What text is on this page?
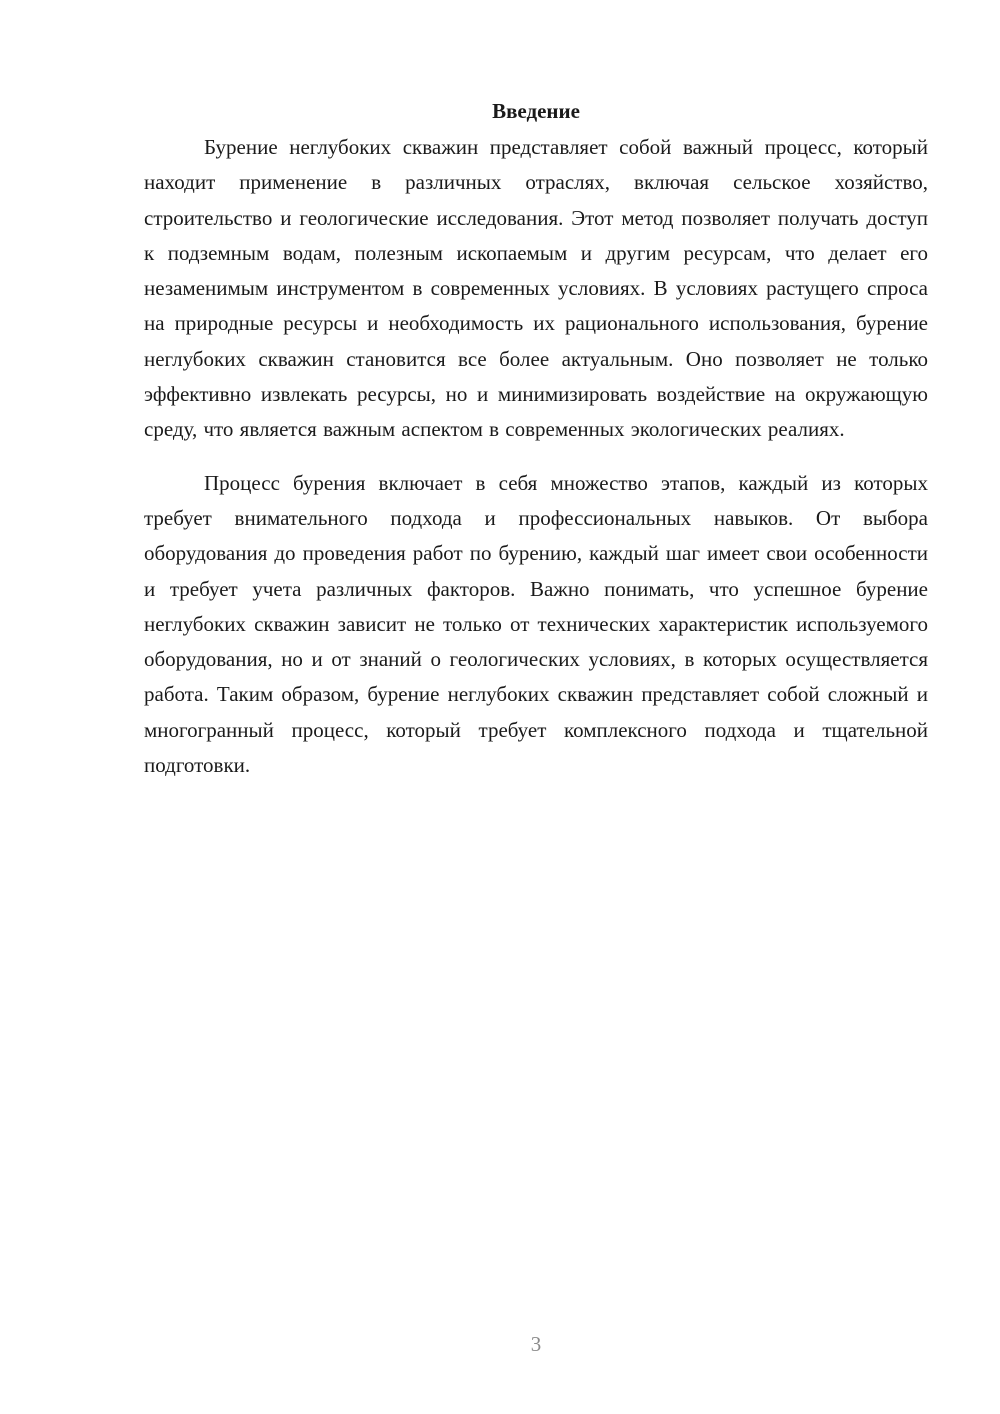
Введение

Бурение неглубоких скважин представляет собой важный процесс, который находит применение в различных отраслях, включая сельское хозяйство, строительство и геологические исследования. Этот метод позволяет получать доступ к подземным водам, полезным ископаемым и другим ресурсам, что делает его незаменимым инструментом в современных условиях. В условиях растущего спроса на природные ресурсы и необходимость их рационального использования, бурение неглубоких скважин становится все более актуальным. Оно позволяет не только эффективно извлекать ресурсы, но и минимизировать воздействие на окружающую среду, что является важным аспектом в современных экологических реалиях.

Процесс бурения включает в себя множество этапов, каждый из которых требует внимательного подхода и профессиональных навыков. От выбора оборудования до проведения работ по бурению, каждый шаг имеет свои особенности и требует учета различных факторов. Важно понимать, что успешное бурение неглубоких скважин зависит не только от технических характеристик используемого оборудования, но и от знаний о геологических условиях, в которых осуществляется работа. Таким образом, бурение неглубоких скважин представляет собой сложный и многогранный процесс, который требует комплексного подхода и тщательной подготовки.

3
